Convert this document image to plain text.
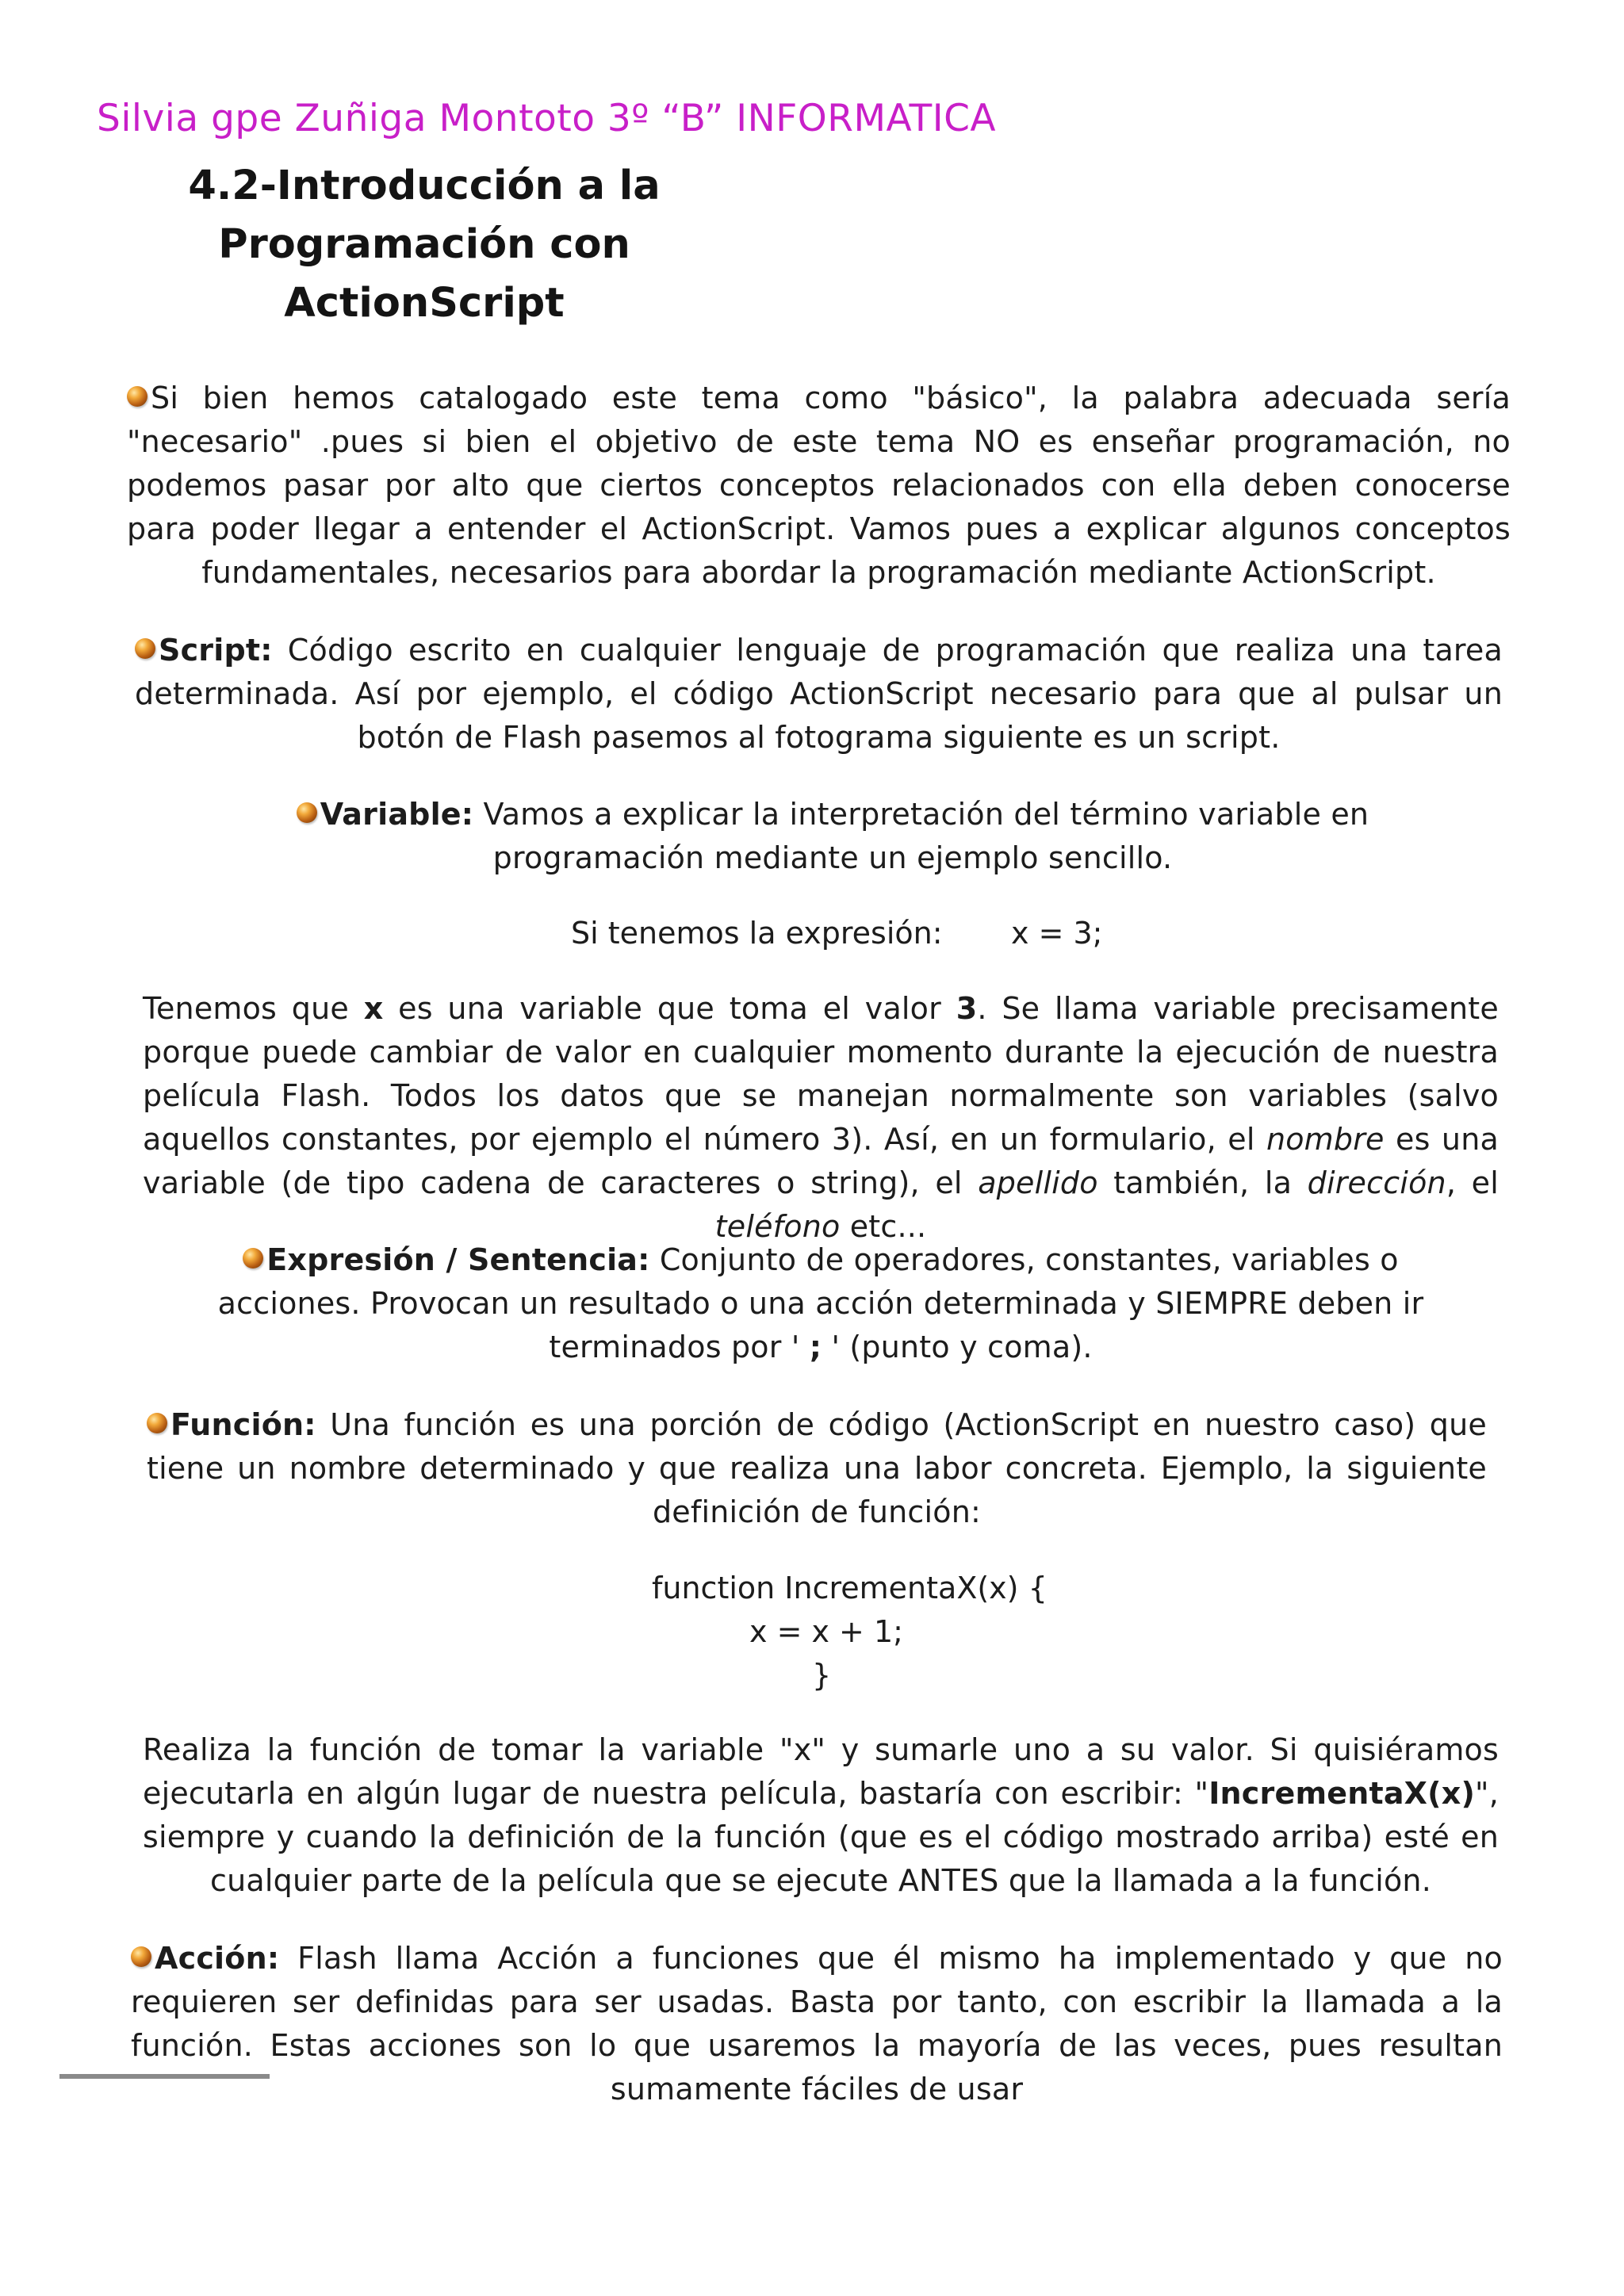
Silvia gpe Zuñiga Montoto 3º “B” INFORMATICA
4.2-Introducción a la
Programación con
ActionScript
Si bien hemos catalogado este tema como "básico", la palabra adecuada sería "necesario" .pues si bien el objetivo de este tema NO es enseñar programación, no podemos pasar por alto que ciertos conceptos relacionados con ella deben conocerse para poder llegar a entender el ActionScript. Vamos pues a explicar algunos conceptos fundamentales, necesarios para abordar la programación mediante ActionScript.
Script: Código escrito en cualquier lenguaje de programación que realiza una tarea determinada. Así por ejemplo, el código ActionScript necesario para que al pulsar un botón de Flash pasemos al fotograma siguiente es un script.
Variable: Vamos a explicar la interpretación del término variable en programación mediante un ejemplo sencillo.
Si tenemos la expresión: x = 3;
Tenemos que x es una variable que toma el valor 3. Se llama variable precisamente porque puede cambiar de valor en cualquier momento durante la ejecución de nuestra película Flash. Todos los datos que se manejan normalmente son variables (salvo aquellos constantes, por ejemplo el número 3). Así, en un formulario, el nombre es una variable (de tipo cadena de caracteres o string), el apellido también, la dirección, el teléfono etc...
Expresión / Sentencia: Conjunto de operadores, constantes, variables o acciones. Provocan un resultado o una acción determinada y SIEMPRE deben ir terminados por ' ; ' (punto y coma).
Función: Una función es una porción de código (ActionScript en nuestro caso) que tiene un nombre determinado y que realiza una labor concreta. Ejemplo, la siguiente definición de función:
function IncrementaX(x) {
x = x + 1;
}
Realiza la función de tomar la variable "x" y sumarle uno a su valor. Si quisiéramos ejecutarla en algún lugar de nuestra película, bastaría con escribir: "IncrementaX(x)", siempre y cuando la definición de la función (que es el código mostrado arriba) esté en cualquier parte de la película que se ejecute ANTES que la llamada a la función.
Acción: Flash llama Acción a funciones que él mismo ha implementado y que no requieren ser definidas para ser usadas. Basta por tanto, con escribir la llamada a la función. Estas acciones son lo que usaremos la mayoría de las veces, pues resultan sumamente fáciles de usar
